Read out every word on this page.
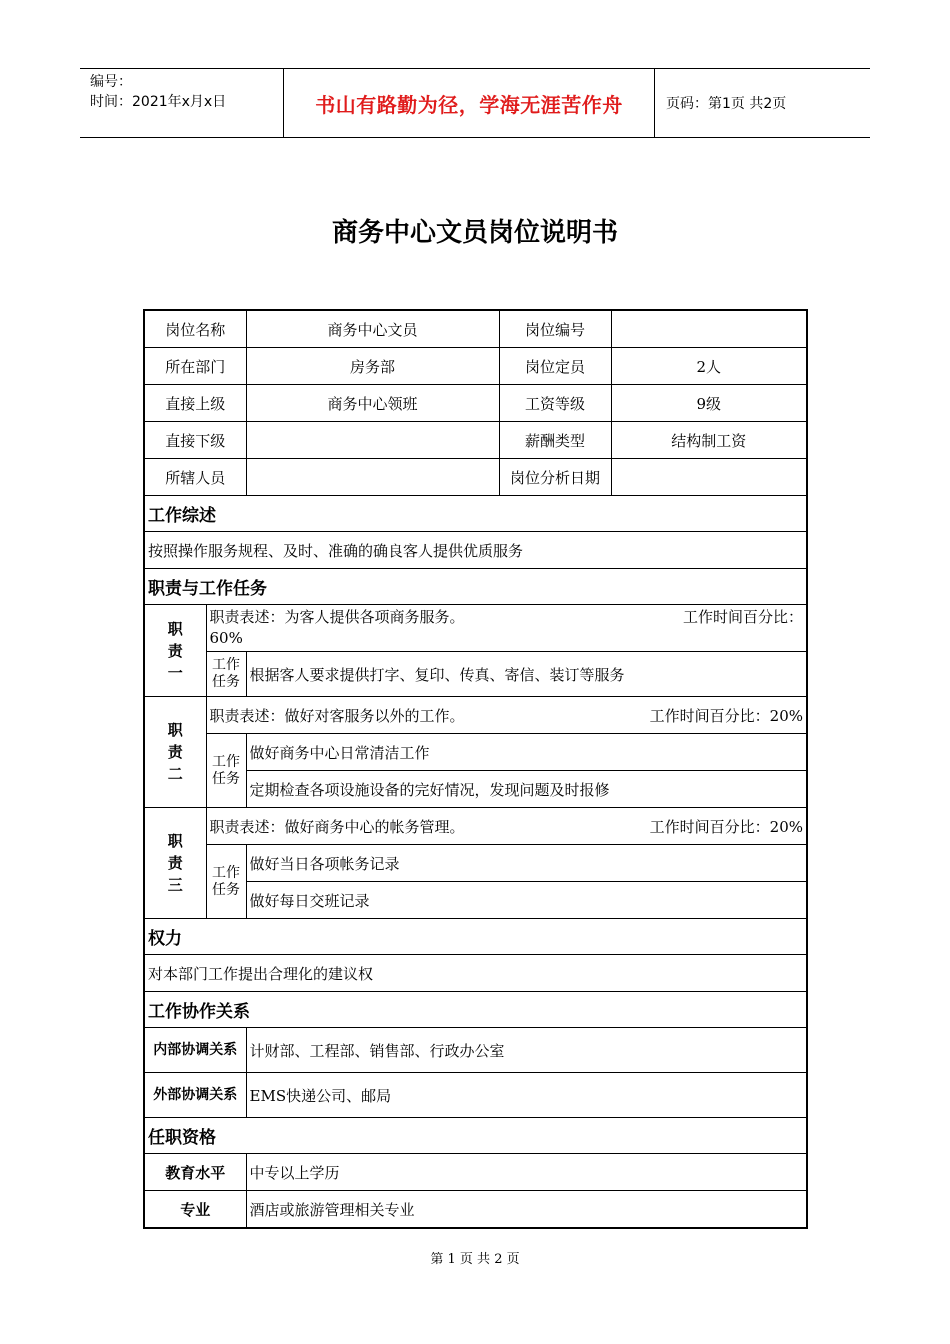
编号：
时间：2021年x月x日	书山有路勤为径，学海无涯苦作舟	页码：第1页 共2页
商务中心文员岗位说明书
岗位名称		商务中心文员	岗位编号	
所在部门		房务部	岗位定员	2人
直接上级		商务中心领班	工资等级	9级
直接下级			薪酬类型	结构制工资
所辖人员			岗位分析日期	
工作综述				
按照操作服务规程、及时、准确的确良客人提供优质服务				
职责与工作任务				

职责一	职责表述：为客人提供各项商务服务。 工作时间百分比：

60%			

	工作任务	根据客人要求提供打字、复印、传真、寄信、装订等服务		

职责二	职责表述：做好对客服务以外的工作。 工作时间百分比：20%			

	工作任务	做好商务中心日常清洁工作		
		定期检查各项设施设备的完好情况，发现问题及时报修		

职责三	职责表述：做好商务中心的帐务管理。 工作时间百分比：20%			

	工作任务	做好当日各项帐务记录		
		做好每日交班记录		
权力				
对本部门工作提出合理化的建议权				
工作协作关系				
内部协调关系		计财部、工程部、销售部、行政办公室		
外部协调关系		EMS快递公司、邮局		
任职资格				
教育水平		中专以上学历		
专业		酒店或旅游管理相关专业		
第 1 页 共 2 页
